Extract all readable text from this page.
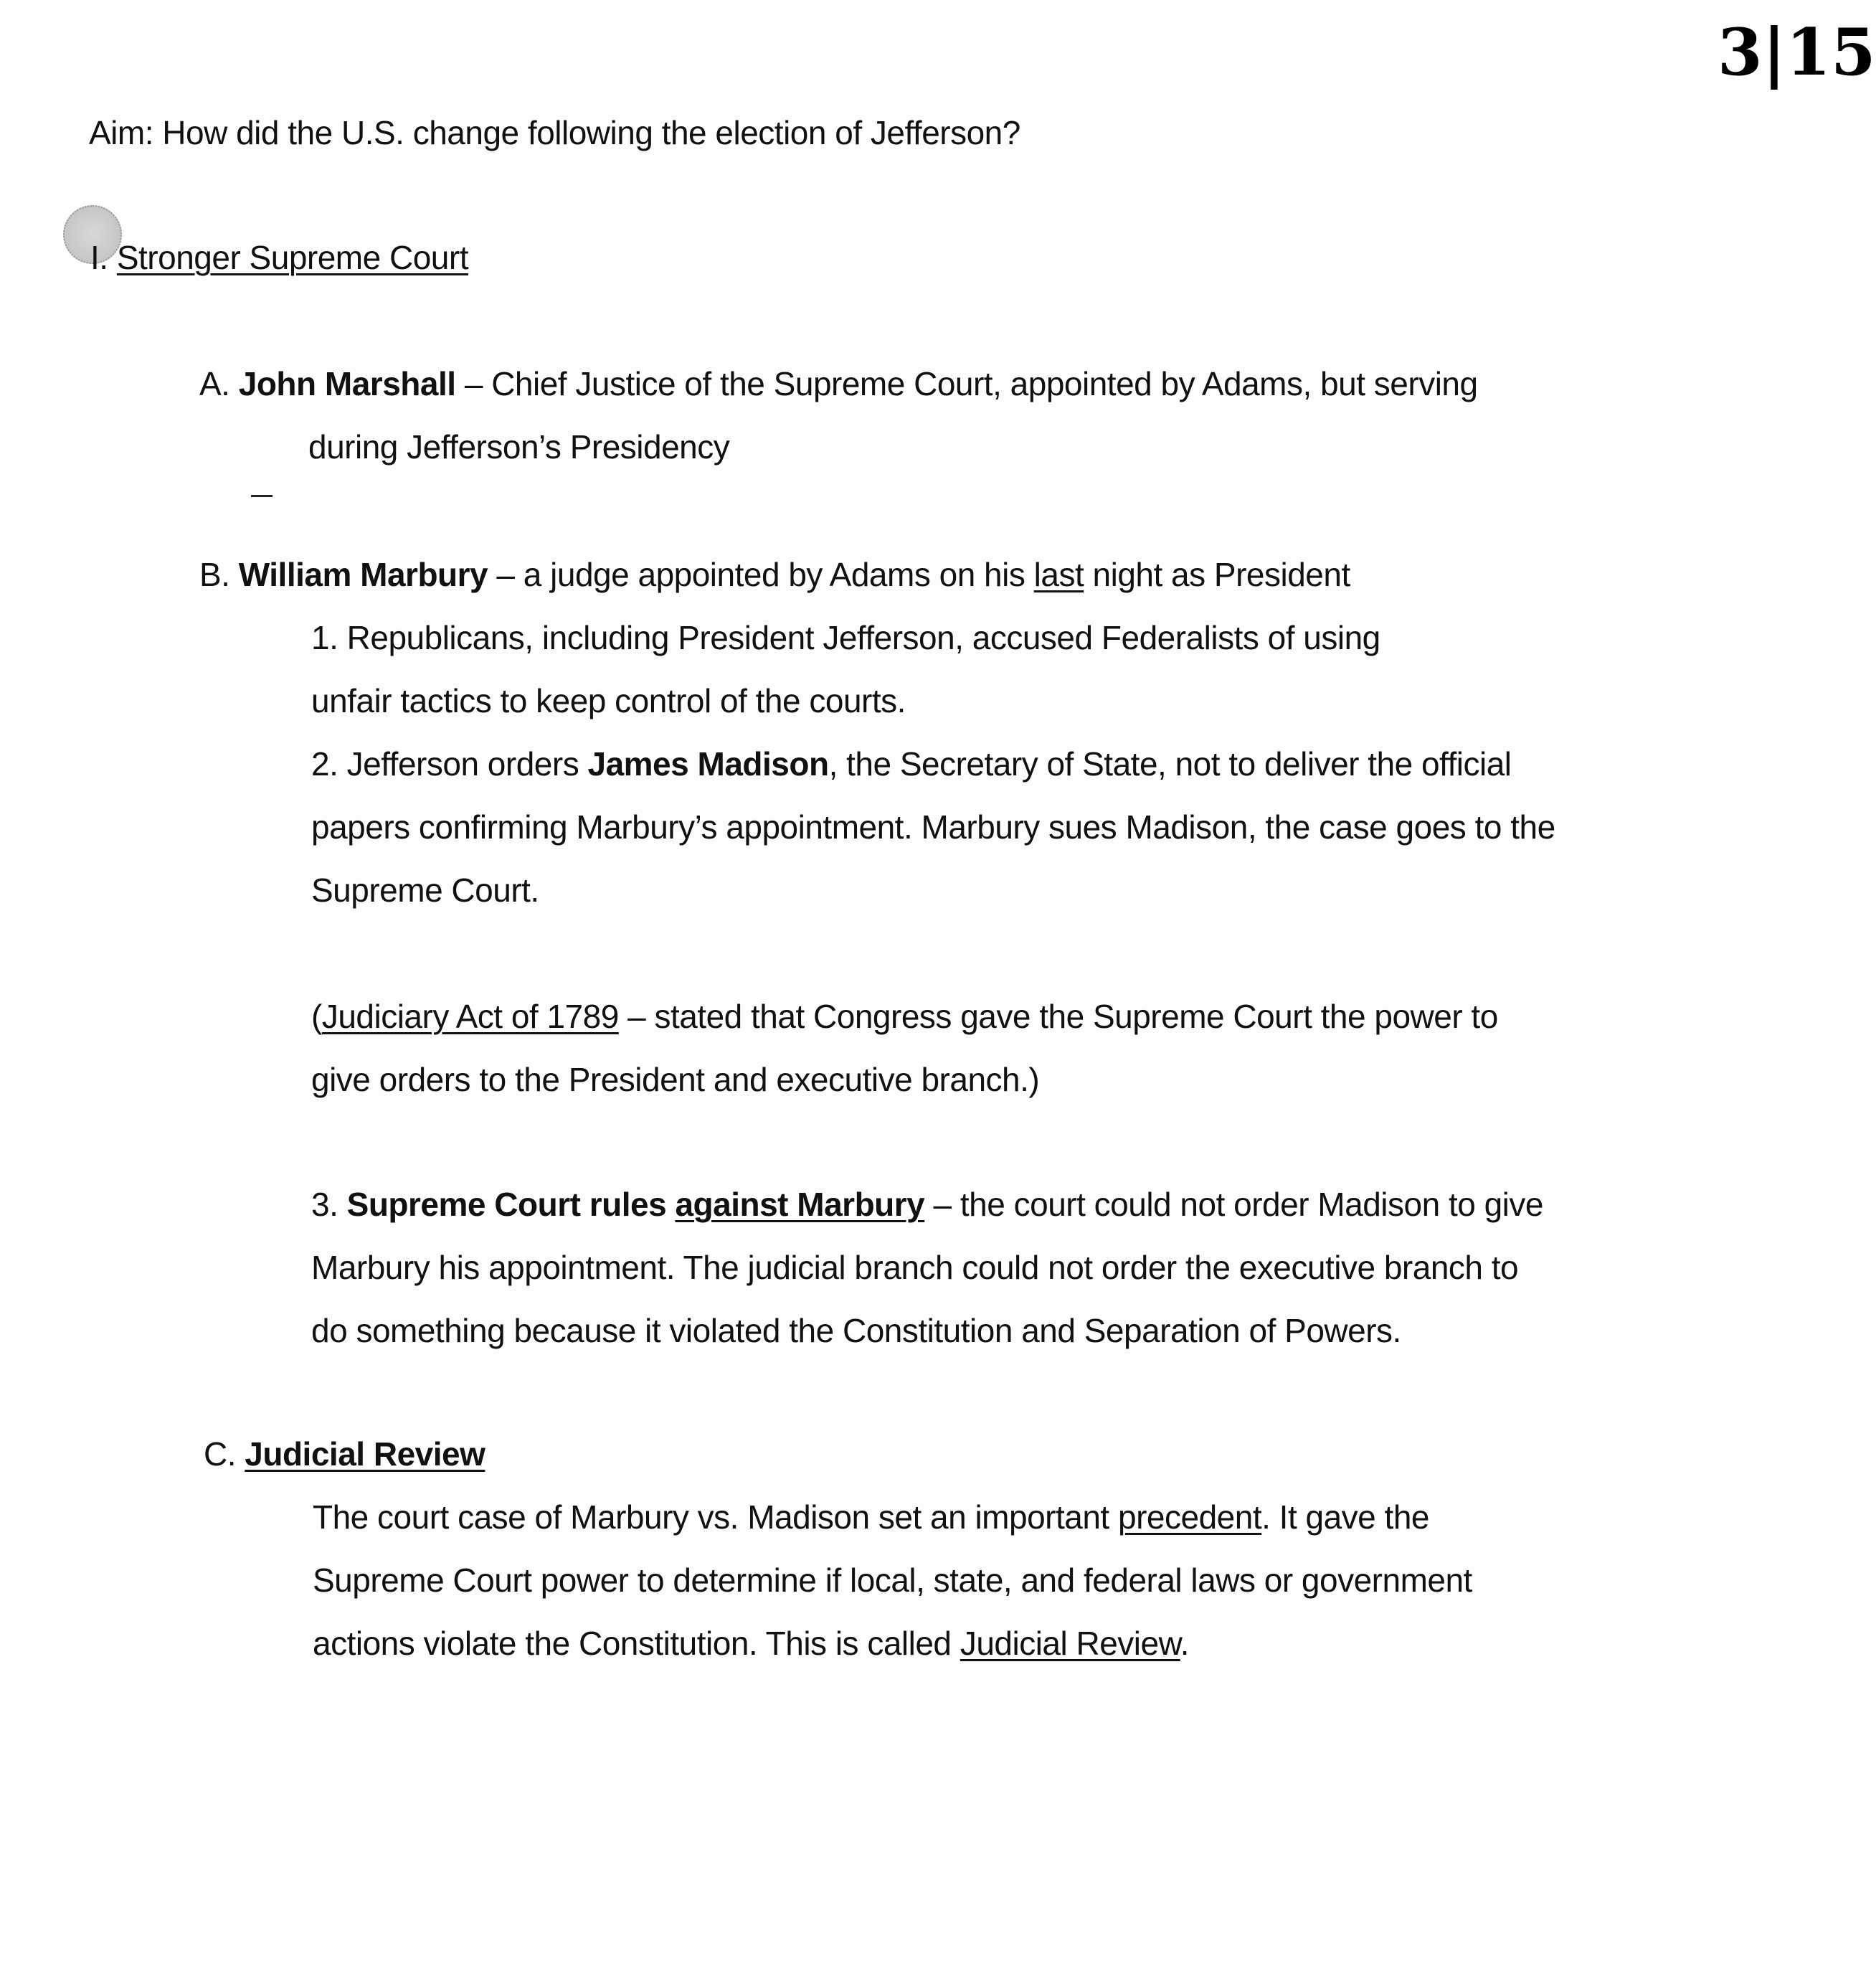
3|15
Aim: How did the U.S. change following the election of Jefferson?
I. Stronger Supreme Court
A. John Marshall – Chief Justice of the Supreme Court, appointed by Adams, but serving
during Jefferson’s Presidency
B. William Marbury – a judge appointed by Adams on his last night as President
1. Republicans, including President Jefferson, accused Federalists of using
unfair tactics to keep control of the courts.
2. Jefferson orders James Madison, the Secretary of State, not to deliver the official
papers confirming Marbury’s appointment. Marbury sues Madison, the case goes to the
Supreme Court.
(Judiciary Act of 1789 – stated that Congress gave the Supreme Court the power to
give orders to the President and executive branch.)
3. Supreme Court rules against Marbury – the court could not order Madison to give
Marbury his appointment. The judicial branch could not order the executive branch to
do something because it violated the Constitution and Separation of Powers.
C. Judicial Review
The court case of Marbury vs. Madison set an important precedent. It gave the
Supreme Court power to determine if local, state, and federal laws or government
actions violate the Constitution. This is called Judicial Review.
